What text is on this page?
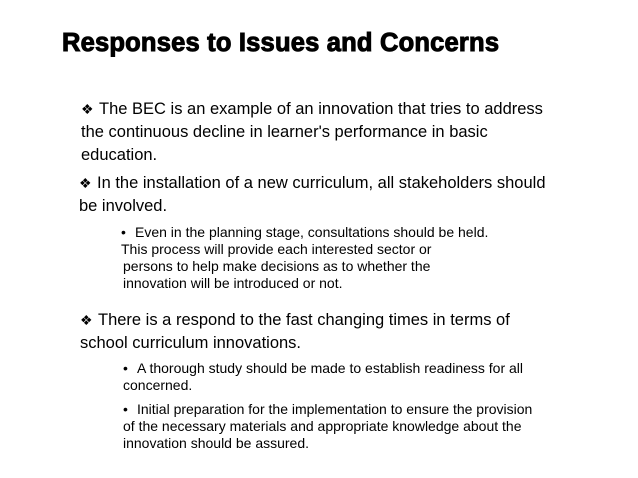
Responses to Issues and Concerns
❖ The BEC is an example of an innovation that tries to address
the continuous decline in learner's performance in basic
education.
❖ In the installation of a new curriculum, all stakeholders should
be involved.
• Even in the planning stage, consultations should be held.
This process will provide each interested sector or
persons to help make decisions as to whether the
innovation will be introduced or not.
❖ There is a respond to the fast changing times in terms of
school curriculum innovations.
• A thorough study should be made to establish readiness for all
concerned.
• Initial preparation for the implementation to ensure the provision
of the necessary materials and appropriate knowledge about the
innovation should be assured.
